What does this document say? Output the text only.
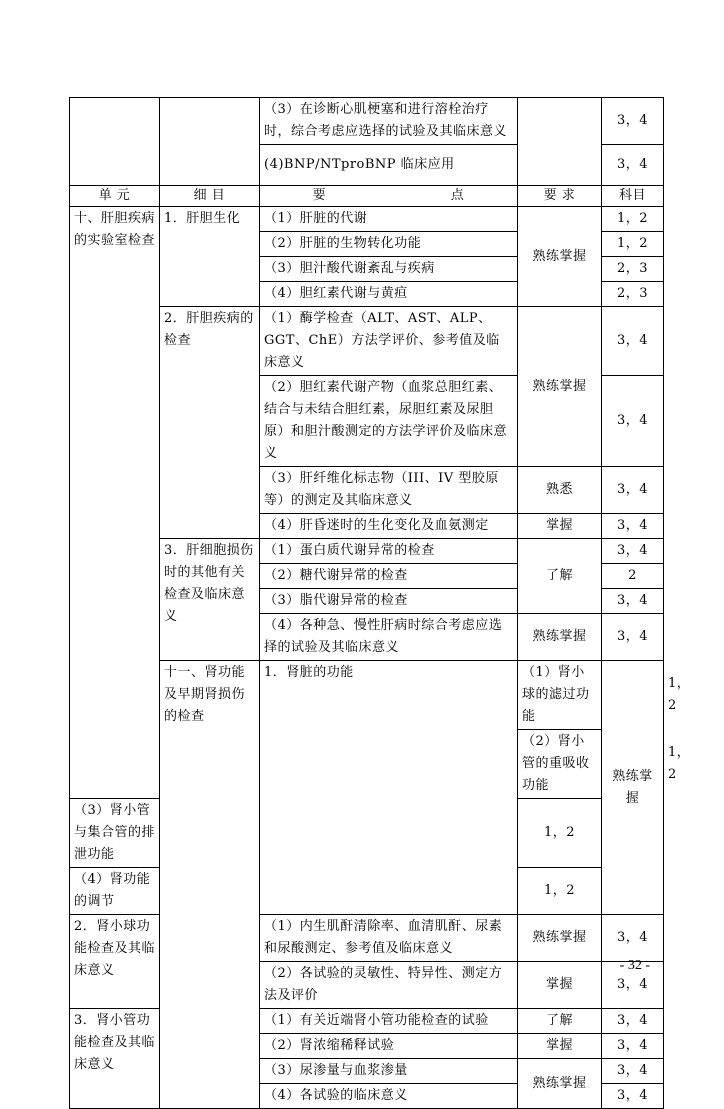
		（3）在诊断心肌梗塞和进行溶栓治疗时，综合考虑应选择的试验及其临床意义		3，4	
		(4)BNP/NTproBNP 临床应用		3，4	
单 元	细 目	要 点	要 求	科目	
十、肝胆疾病的实验室检查	1．肝胆生化	（1）肝脏的代谢	熟练掌握	1，2	
		（2）肝脏的生物转化功能		1，2	
		（3）胆汁酸代谢紊乱与疾病		2，3	
		（4）胆红素代谢与黄疸		2，3	
	2．肝胆疾病的检查	（1）酶学检查（ALT、AST、ALP、GGT、ChE）方法学评价、参考值及临床意义	熟练掌握	3，4	
		（2）胆红素代谢产物（血浆总胆红素、结合与未结合胆红素，尿胆红素及尿胆原）和胆汁酸测定的方法学评价及临床意义		3，4	
		（3）肝纤维化标志物（III、IV 型胶原等）的测定及其临床意义	熟悉	3，4	
		（4）肝昏迷时的生化变化及血氨测定	掌握	3，4	
	3．肝细胞损伤时的其他有关检查及临床意义	（1）蛋白质代谢异常的检查	了解	3，4	
		（2）糖代谢异常的检查		2	
		（3）脂代谢异常的检查		3，4	
		（4）各种急、慢性肝病时综合考虑应选择的试验及其临床意义	熟练掌握	3，4	
	十一、肾功能及早期肾损伤的检查	1．肾脏的功能	（1）肾小球的滤过功能	熟练掌握	1，2
			（2）肾小管的重吸收功能		1，2
（3）肾小管与集合管的排泄功能			1，2		
（4）肾功能的调节			1，2		
2．肾小球功能检查及其临床意义		（1）内生肌酐清除率、血清肌酐、尿素和尿酸测定、参考值及临床意义	熟练掌握	3，4	
		（2）各试验的灵敏性、特异性、测定方法及评价	掌握	3，4	
3．肾小管功能检查及其临床意义		（1）有关近端肾小管功能检查的试验	了解	3，4	
		（2）肾浓缩稀释试验	掌握	3，4	
		（3）尿渗量与血浆渗量	熟练掌握	3，4	
		（4）各试验的临床意义		3，4	
- 32 -
